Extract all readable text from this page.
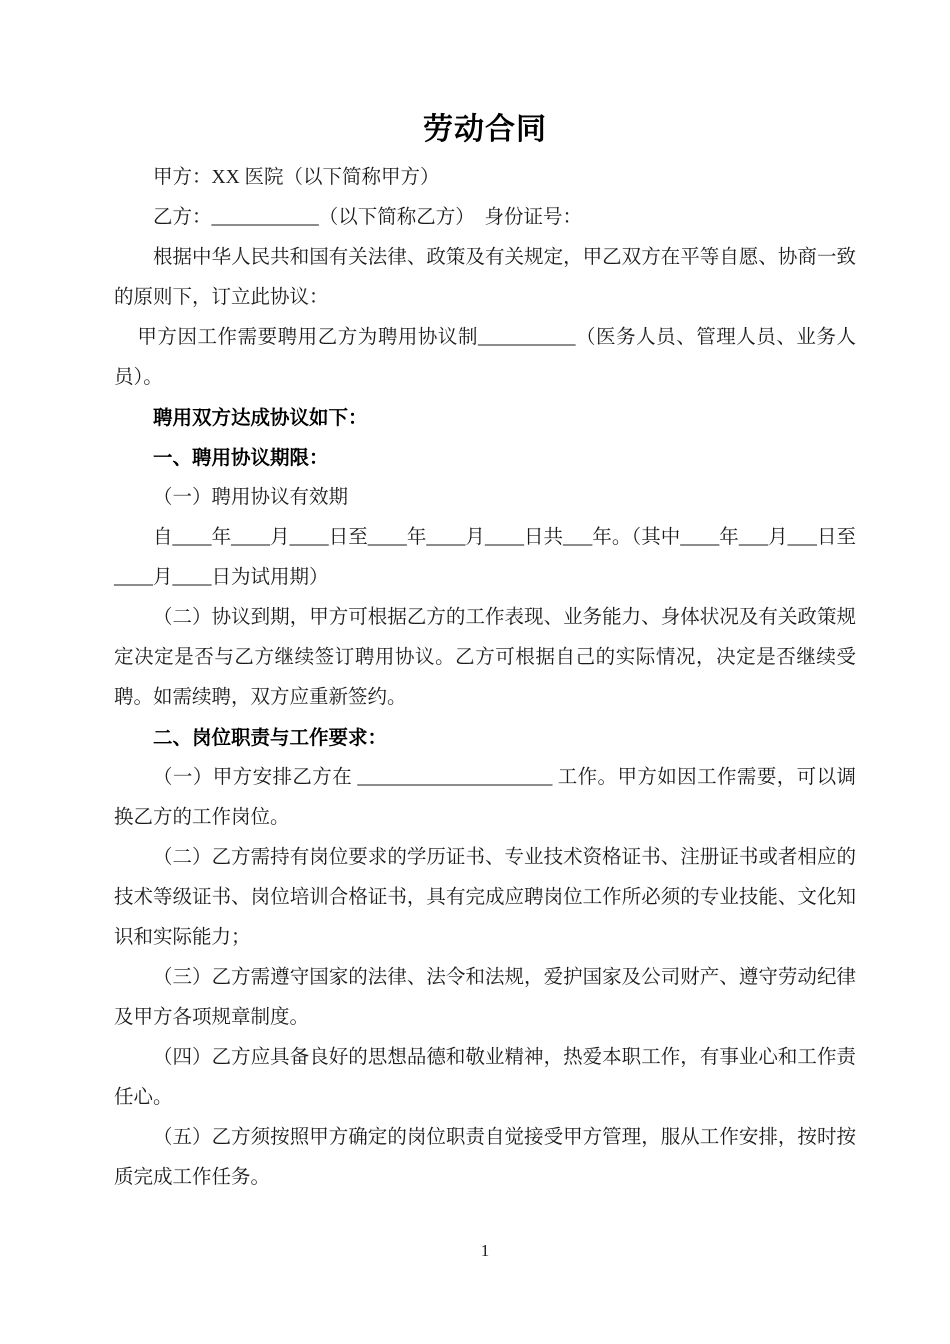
劳动合同

甲方：XX 医院（以下简称甲方）

乙方：___________（以下简称乙方）　身份证号：

根据中华人民共和国有关法律、政策及有关规定，甲乙双方在平等自愿、协商一致的原则下，订立此协议：

甲方因工作需要聘用乙方为聘用协议制__________（医务人员、管理人员、业务人员）。

聘用双方达成协议如下：

一、聘用协议期限：

（一）聘用协议有效期

自____年____月____日至____年____月____日共___年。（其中____年___月___日至____月____日为试用期）

（二）协议到期，甲方可根据乙方的工作表现、业务能力、身体状况及有关政策规定决定是否与乙方继续签订聘用协议。乙方可根据自己的实际情况，决定是否继续受聘。如需续聘，双方应重新签约。

二、岗位职责与工作要求：

（一）甲方安排乙方在 ____________________ 工作。甲方如因工作需要，可以调换乙方的工作岗位。

（二）乙方需持有岗位要求的学历证书、专业技术资格证书、注册证书或者相应的技术等级证书、岗位培训合格证书，具有完成应聘岗位工作所必须的专业技能、文化知识和实际能力；

（三）乙方需遵守国家的法律、法令和法规，爱护国家及公司财产、遵守劳动纪律及甲方各项规章制度。

（四）乙方应具备良好的思想品德和敬业精神，热爱本职工作，有事业心和工作责任心。

（五）乙方须按照甲方确定的岗位职责自觉接受甲方管理，服从工作安排，按时按质完成工作任务。

1
